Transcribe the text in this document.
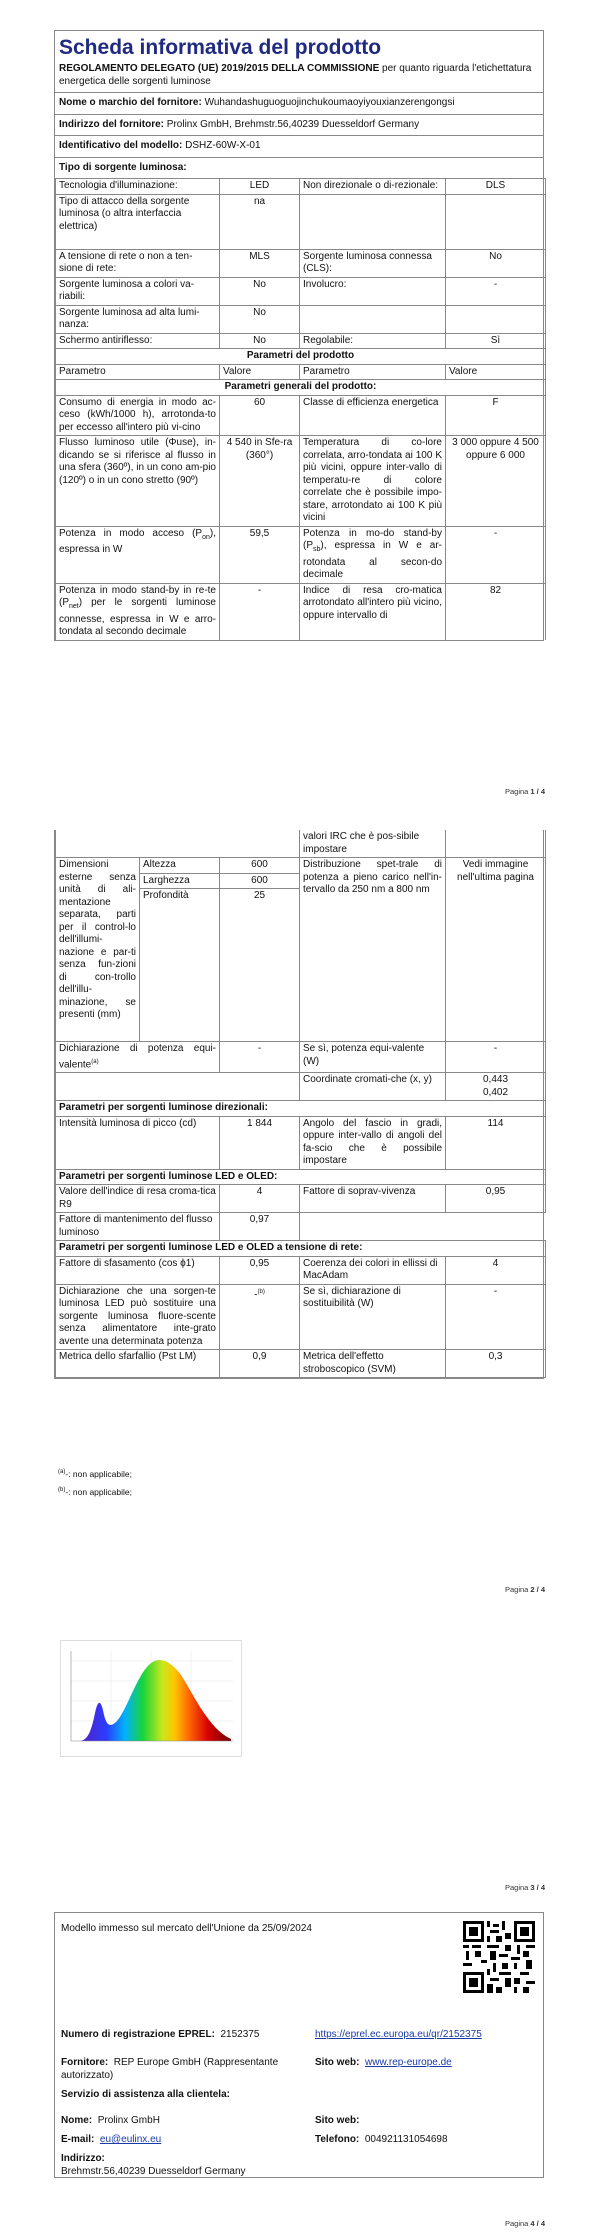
Scheda informativa del prodotto
REGOLAMENTO DELEGATO (UE) 2019/2015 DELLA COMMISSIONE per quanto riguarda l'etichettatura energetica delle sorgenti luminose
Nome o marchio del fornitore: Wuhandashuguoguojinchukoumaoyiyouxianzerengongsi
Indirizzo del fornitore: Prolinx GmbH, Brehmstr.56,40239 Duesseldorf Germany
Identificativo del modello: DSHZ-60W-X-01
Tipo di sorgente luminosa:
Tecnologia d'illuminazione:	LED	Non direzionale o di-rezionale:	DLS
Tipo di attacco della sorgente luminosa (o altra interfaccia elettrica)	na		
A tensione di rete o non a ten-sione di rete:	MLS	Sorgente luminosa connessa (CLS):	No
Sorgente luminosa a colori va-riabili:	No	Involucro:	-
Sorgente luminosa ad alta lumi-nanza:	No		
Schermo antiriflesso:	No	Regolabile:	Sì
Parametri del prodotto			
Parametro	Valore	Parametro	Valore
Parametri generali del prodotto:			
Consumo di energia in modo ac-ceso (kWh/1000 h), arrotonda-to per eccesso all'intero più vi-cino	60	Classe di efficienza energetica	F
Flusso luminoso utile (Φuse), in-dicando se si riferisce al flusso in una sfera (360º), in un cono am-pio (120º) o in un cono stretto (90º)	4 540 in Sfe-ra (360°)	Temperatura di co-lore correlata, arro-tondata ai 100 K più vicini, oppure inter-vallo di temperatu-re di colore correlate che è possibile impo-stare, arrotondato ai 100 K più vicini	3 000 oppure 4 500 oppure 6 000
Potenza in modo acceso $(P_{on})$, espressa in W	59,5	Potenza in mo-do stand-by $(P_{sb})$, espressa in W e ar-rotondata al secon-do decimale	-
Potenza in modo stand-by in re-te $(P_{net})$ per le sorgenti luminose connesse, espressa in W e arro-tondata al secondo decimale	-	Indice di resa cro-matica arrotondato all'intero più vicino, oppure intervallo di	82
Pagina 1 / 4
			valori IRC che è pos-sibile impostare	
Dimensioni esterne senza unità di ali-mentazione separata, parti per il control-lo dell'illumi-nazione e par-ti senza fun-zioni di con-trollo dell'illu-minazione, se presenti (mm)	Altezza	600	Distribuzione spet-trale di potenza a pieno carico nell'in-tervallo da 250 nm a 800 nm	Vedi immagine nell'ultima pagina
	Larghezza	600		
	Profondità	25		
Dichiarazione di potenza equi-valente$^{(a)}$		-	Se sì, potenza equi-valente (W)	-
			Coordinate cromati-che (x, y)	0,443
0,402

Parametri per sorgenti luminose direzionali:				
Intensità luminosa di picco (cd)		1 844	Angolo del fascio in gradi, oppure inter-vallo di angoli del fa-scio che è possibile impostare	114
Parametri per sorgenti luminose LED e OLED:				
Valore dell'indice di resa croma-tica R9		4	Fattore di soprav-vivenza	0,95
Fattore di mantenimento del flusso luminoso		0,97		
Parametri per sorgenti luminose LED e OLED a tensione di rete:				
Fattore di sfasamento (cos ϕ1)		0,95	Coerenza dei colori in ellissi di MacAdam	4
Dichiarazione che una sorgen-te luminosa LED può sostituire una sorgente luminosa fluore-scente senza alimentatore inte-grato avente una determinata potenza		-$^{(b)}$	Se sì, dichiarazione di sostituibilità (W)	-
Metrica dello sfarfallio (Pst LM)		0,9	Metrica dell'effetto stroboscopico (SVM)	0,3
$^{(a)}$-: non applicabile;
$^{(b)}$-: non applicabile;
Pagina 2 / 4
Pagina 3 / 4
Modello immesso sul mercato dell'Unione da 25/09/2024
Numero di registrazione EPREL: 2152375	https://eprel.ec.europa.eu/qr/2152375
Fornitore: REP Europe GmbH (Rappresentante autorizzato)
Sito web: www.rep-europe.de
Servizio di assistenza alla clientela:
Nome: Prolinx GmbH	Sito web:
E-mail: eu@eulinx.eu	Telefono: 004921131054698
Indirizzo:
Brehmstr.56,40239 Duesseldorf Germany
Pagina 4 / 4
